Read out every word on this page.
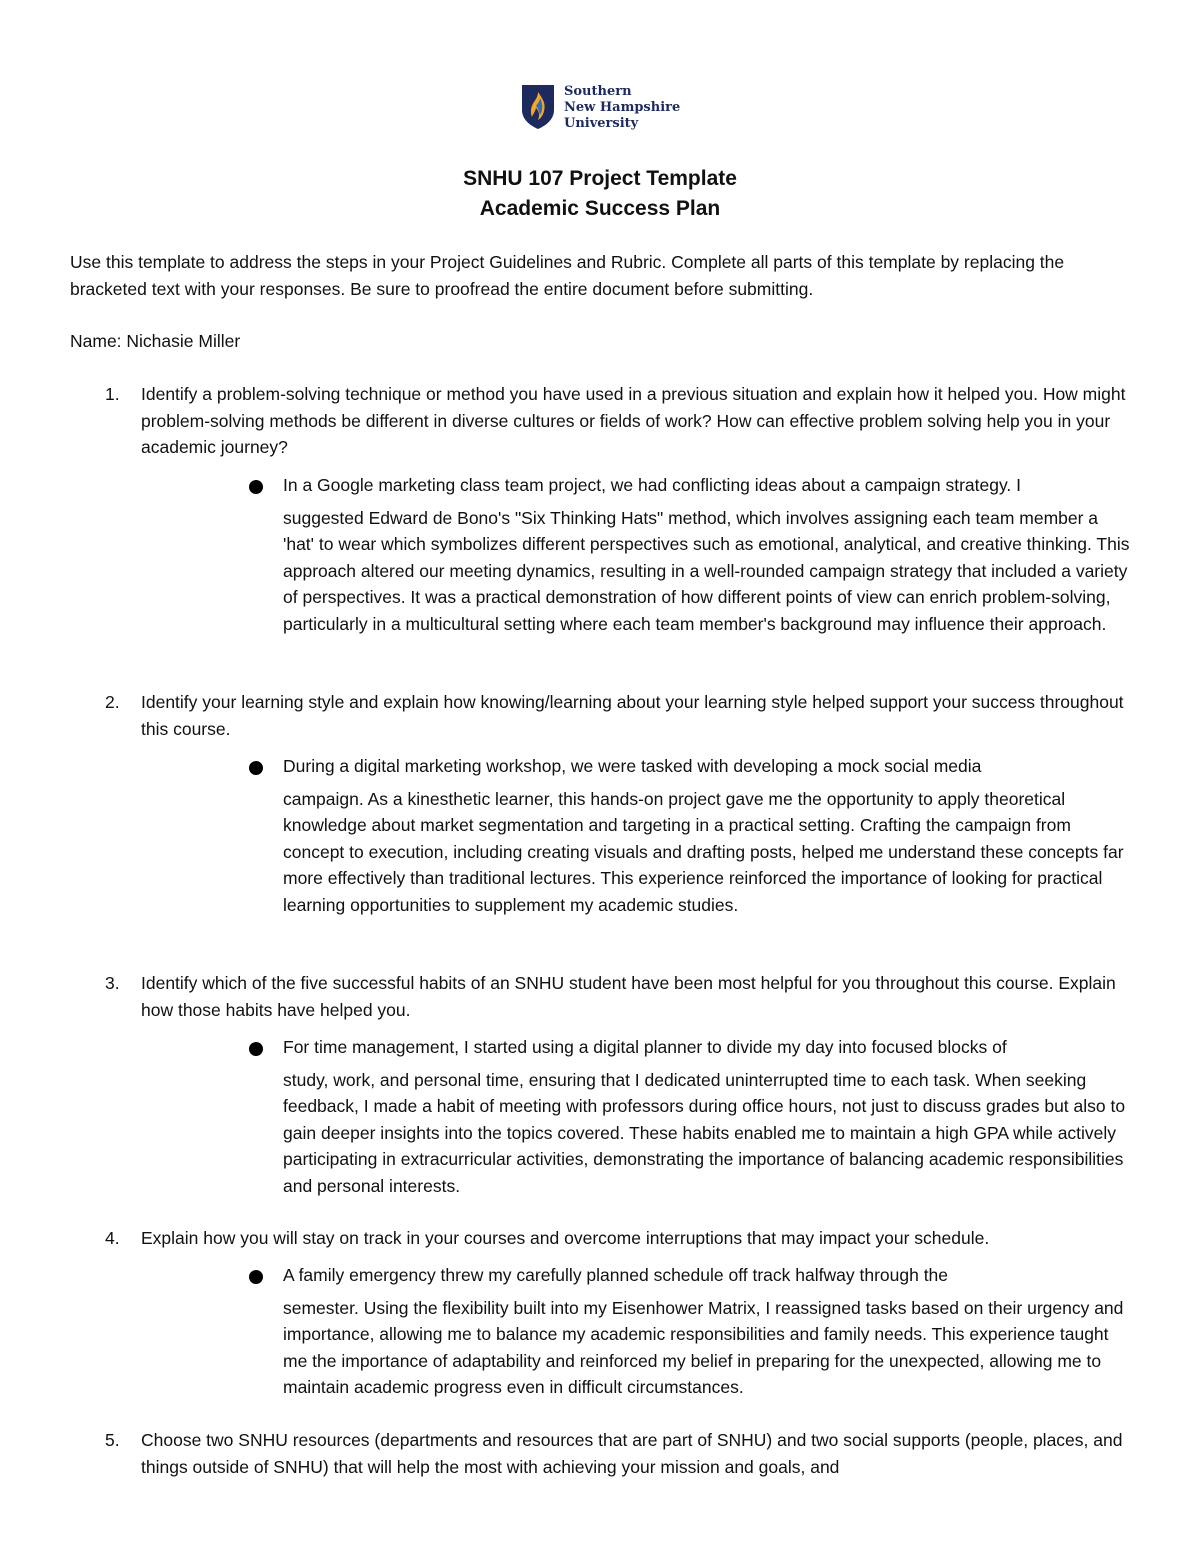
Southern
New Hampshire
University
SNHU 107 Project Template
Academic Success Plan
Use this template to address the steps in your Project Guidelines and Rubric. Complete all parts of this template by replacing the bracketed text with your responses. Be sure to proofread the entire document before submitting.
Name: Nichasie Miller
1. Identify a problem-solving technique or method you have used in a previous situation and explain how it helped you. How might problem-solving methods be different in diverse cultures or fields of work? How can effective problem solving help you in your academic journey?
In a Google marketing class team project, we had conflicting ideas about a campaign strategy. I
suggested Edward de Bono's "Six Thinking Hats" method, which involves assigning each team member a 'hat' to wear which symbolizes different perspectives such as emotional, analytical, and creative thinking. This approach altered our meeting dynamics, resulting in a well-rounded campaign strategy that included a variety of perspectives. It was a practical demonstration of how different points of view can enrich problem-solving, particularly in a multicultural setting where each team member's background may influence their approach.
2. Identify your learning style and explain how knowing/learning about your learning style helped support your success throughout this course.
During a digital marketing workshop, we were tasked with developing a mock social media
campaign. As a kinesthetic learner, this hands-on project gave me the opportunity to apply theoretical knowledge about market segmentation and targeting in a practical setting. Crafting the campaign from concept to execution, including creating visuals and drafting posts, helped me understand these concepts far more effectively than traditional lectures. This experience reinforced the importance of looking for practical learning opportunities to supplement my academic studies.
3. Identify which of the five successful habits of an SNHU student have been most helpful for you throughout this course. Explain how those habits have helped you.
For time management, I started using a digital planner to divide my day into focused blocks of
study, work, and personal time, ensuring that I dedicated uninterrupted time to each task. When seeking feedback, I made a habit of meeting with professors during office hours, not just to discuss grades but also to gain deeper insights into the topics covered. These habits enabled me to maintain a high GPA while actively participating in extracurricular activities, demonstrating the importance of balancing academic responsibilities and personal interests.
4. Explain how you will stay on track in your courses and overcome interruptions that may impact your schedule.
A family emergency threw my carefully planned schedule off track halfway through the
semester. Using the flexibility built into my Eisenhower Matrix, I reassigned tasks based on their urgency and importance, allowing me to balance my academic responsibilities and family needs. This experience taught me the importance of adaptability and reinforced my belief in preparing for the unexpected, allowing me to maintain academic progress even in difficult circumstances.
5. Choose two SNHU resources (departments and resources that are part of SNHU) and two social supports (people, places, and things outside of SNHU) that will help the most with achieving your mission and goals, and
